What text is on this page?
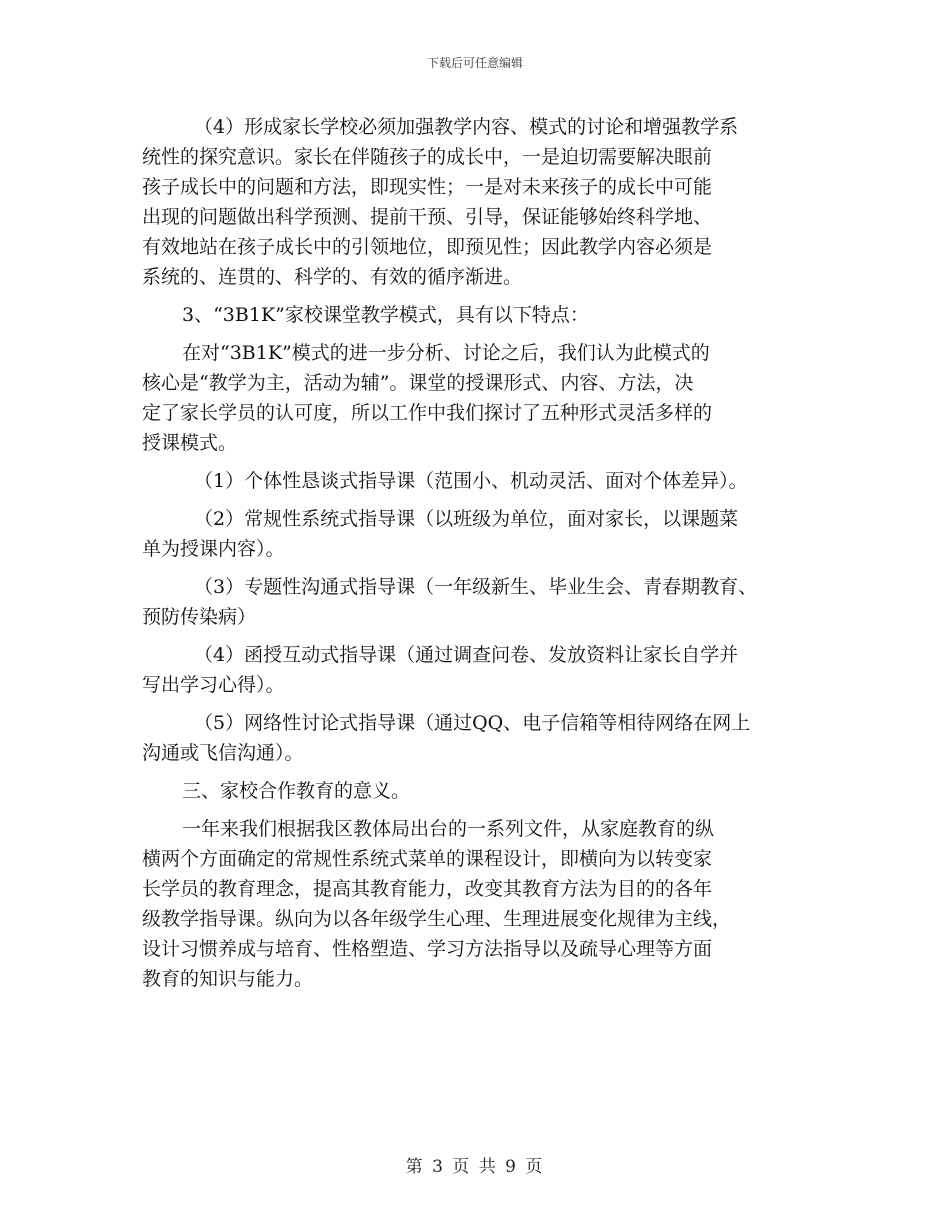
下载后可任意编辑

（4）形成家长学校必须加强教学内容、模式的讨论和增强教学系

统性的探究意识。家长在伴随孩子的成长中，一是迫切需要解决眼前

孩子成长中的问题和方法，即现实性；一是对未来孩子的成长中可能

出现的问题做出科学预测、提前干预、引导，保证能够始终科学地、

有效地站在孩子成长中的引领地位，即预见性；因此教学内容必须是

系统的、连贯的、科学的、有效的循序渐进。

3、“3B1K”家校课堂教学模式，具有以下特点：

在对“3B1K”模式的进一步分析、讨论之后，我们认为此模式的

核心是“教学为主，活动为辅”。课堂的授课形式、内容、方法，决

定了家长学员的认可度，所以工作中我们探讨了五种形式灵活多样的

授课模式。

（1）个体性恳谈式指导课（范围小、机动灵活、面对个体差异）。

（2）常规性系统式指导课（以班级为单位，面对家长，以课题菜

单为授课内容）。

（3）专题性沟通式指导课（一年级新生、毕业生会、青春期教育、

预防传染病）

（4）函授互动式指导课（通过调查问卷、发放资料让家长自学并

写出学习心得）。

（5）网络性讨论式指导课（通过QQ、电子信箱等相待网络在网上

沟通或飞信沟通）。

三、家校合作教育的意义。

一年来我们根据我区教体局出台的一系列文件，从家庭教育的纵

横两个方面确定的常规性系统式菜单的课程设计，即横向为以转变家

长学员的教育理念，提高其教育能力，改变其教育方法为目的的各年

级教学指导课。纵向为以各年级学生心理、生理进展变化规律为主线，

设计习惯养成与培育、性格塑造、学习方法指导以及疏导心理等方面

教育的知识与能力。

第 3 页 共 9 页
